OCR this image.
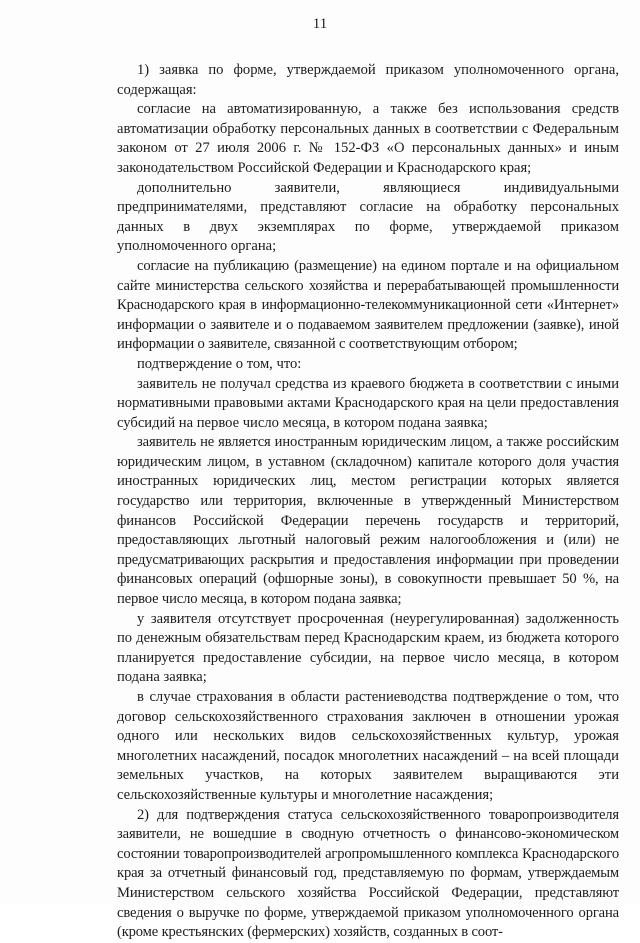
11

1) заявка по форме, утверждаемой приказом уполномоченного органа, содержащая:

согласие на автоматизированную, а также без использования средств автоматизации обработку персональных данных в соответствии с Федеральным законом от 27 июля 2006 г. № 152-ФЗ «О персональных данных» и иным законодательством Российской Федерации и Краснодарского края;

дополнительно заявители, являющиеся индивидуальными предпринимателями, представляют согласие на обработку персональных данных в двух экземплярах по форме, утверждаемой приказом уполномоченного органа;

согласие на публикацию (размещение) на едином портале и на официальном сайте министерства сельского хозяйства и перерабатывающей промышленности Краснодарского края в информационно-телекоммуникационной сети «Интернет» информации о заявителе и о подаваемом заявителем предложении (заявке), иной информации о заявителе, связанной с соответствующим отбором;

подтверждение о том, что:

заявитель не получал средства из краевого бюджета в соответствии с иными нормативными правовыми актами Краснодарского края на цели предоставления субсидий на первое число месяца, в котором подана заявка;

заявитель не является иностранным юридическим лицом, а также российским юридическим лицом, в уставном (складочном) капитале которого доля участия иностранных юридических лиц, местом регистрации которых является государство или территория, включенные в утвержденный Министерством финансов Российской Федерации перечень государств и территорий, предоставляющих льготный налоговый режим налогообложения и (или) не предусматривающих раскрытия и предоставления информации при проведении финансовых операций (офшорные зоны), в совокупности превышает 50 %, на первое число месяца, в котором подана заявка;

у заявителя отсутствует просроченная (неурегулированная) задолженность по денежным обязательствам перед Краснодарским краем, из бюджета которого планируется предоставление субсидии, на первое число месяца, в котором подана заявка;

в случае страхования в области растениеводства подтверждение о том, что договор сельскохозяйственного страхования заключен в отношении урожая одного или нескольких видов сельскохозяйственных культур, урожая многолетних насаждений, посадок многолетних насаждений – на всей площади земельных участков, на которых заявителем выращиваются эти сельскохозяйственные культуры и многолетние насаждения;

2) для подтверждения статуса сельскохозяйственного товаропроизводителя заявители, не вошедшие в сводную отчетность о финансово-экономическом состоянии товаропроизводителей агропромышленного комплекса Краснодарского края за отчетный финансовый год, представляемую по формам, утверждаемым Министерством сельского хозяйства Российской Федерации, представляют сведения о выручке по форме, утверждаемой приказом уполномоченного органа (кроме крестьянских (фермерских) хозяйств, созданных в соот-
